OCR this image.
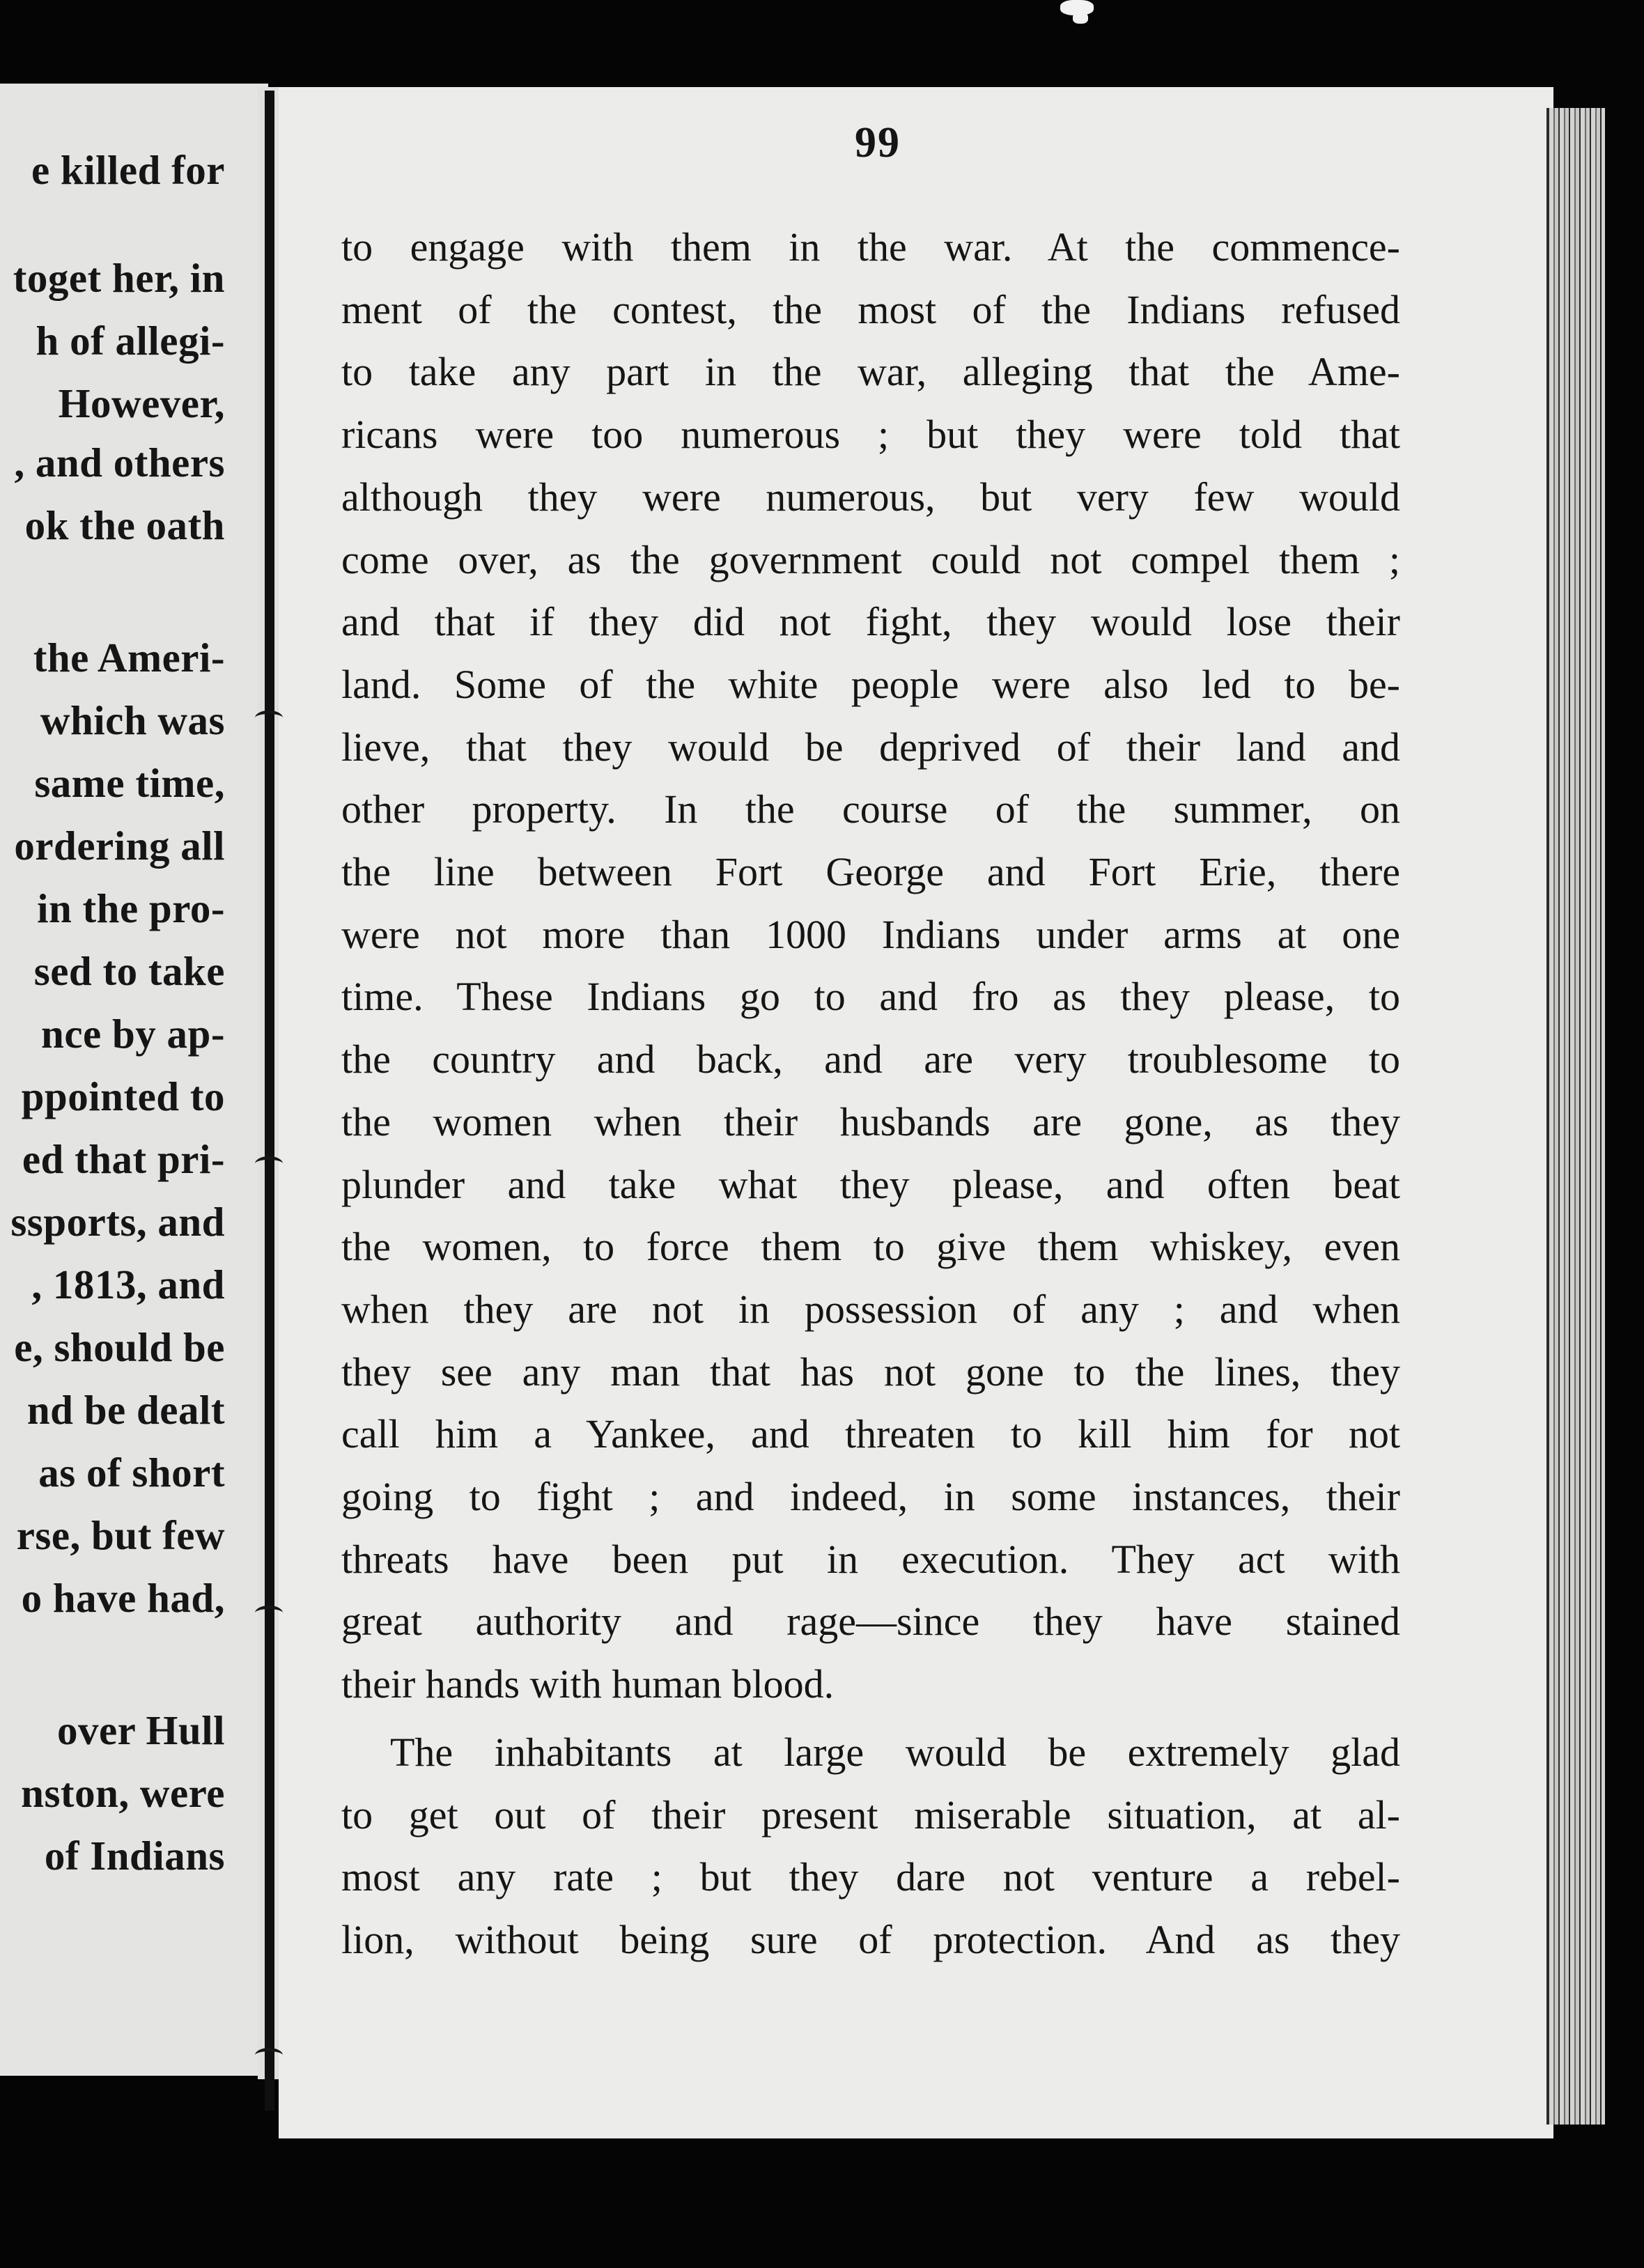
e killed for
toget her, in
h of allegi-
However,
, and others
ok the oath
the Ameri-
which was
same time,
ordering all
in the pro-
sed to take
nce by ap-
ppointed to
ed that pri-
ssports, and
, 1813, and
e, should be
nd be dealt
as of short
rse, but few
o have had,
over Hull
nston, were
of Indians
99
to engage with them in the war. At the commence-
ment of the contest, the most of the Indians refused
to take any part in the war, alleging that the Ame-
ricans were too numerous ; but they were told that
although they were numerous, but very few would
come over, as the government could not compel them ;
and that if they did not fight, they would lose their
land. Some of the white people were also led to be-
lieve, that they would be deprived of their land and
other property. In the course of the summer, on
the line between Fort George and Fort Erie, there
were not more than 1000 Indians under arms at one
time. These Indians go to and fro as they please, to
the country and back, and are very troublesome to
the women when their husbands are gone, as they
plunder and take what they please, and often beat
the women, to force them to give them whiskey, even
when they are not in possession of any ; and when
they see any man that has not gone to the lines, they
call him a Yankee, and threaten to kill him for not
going to fight ; and indeed, in some instances, their
threats have been put in execution. They act with
great authority and rage—since they have stained
their hands with human blood.
The inhabitants at large would be extremely glad
to get out of their present miserable situation, at al-
most any rate ; but they dare not venture a rebel-
lion, without being sure of protection. And as they
